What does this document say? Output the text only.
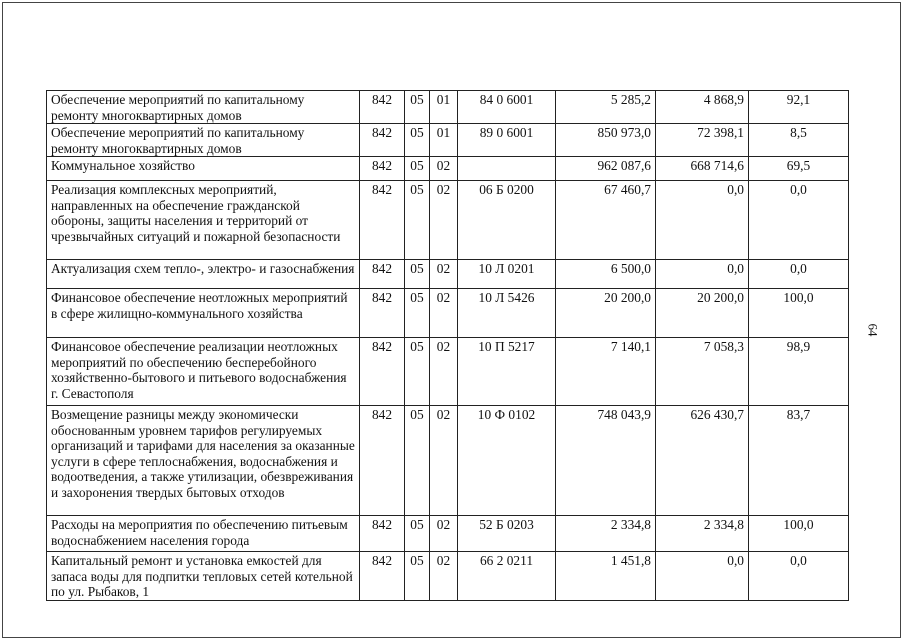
Обеспечение мероприятий по капитальному ремонту многоквартирных домов	842	05	01	84 0 6001	5 285,2	4 868,9	92,1
Обеспечение мероприятий по капитальному ремонту многоквартирных домов	842	05	01	89 0 6001	850 973,0	72 398,1	8,5
Коммунальное хозяйство	842	05	02		962 087,6	668 714,6	69,5
Реализация комплексных мероприятий, направленных на обеспечение гражданской обороны, защиты населения и территорий от чрезвычайных ситуаций и пожарной безопасности	842	05	02	06 Б 0200	67 460,7	0,0	0,0
Актуализация схем тепло-, электро- и газоснабжения	842	05	02	10 Л 0201	6 500,0	0,0	0,0
Финансовое обеспечение неотложных мероприятий в сфере жилищно-коммунального хозяйства	842	05	02	10 Л 5426	20 200,0	20 200,0	100,0
Финансовое обеспечение реализации неотложных мероприятий по обеспечению бесперебойного хозяйственно-бытового и питьевого водоснабжения г. Севастополя	842	05	02	10 П 5217	7 140,1	7 058,3	98,9
Возмещение разницы между экономически обоснованным уровнем тарифов регулируемых организаций и тарифами для населения за оказанные услуги в сфере теплоснабжения, водоснабжения и водоотведения, а также утилизации, обезвреживания и захоронения твердых бытовых отходов	842	05	02	10 Ф 0102	748 043,9	626 430,7	83,7
Расходы на мероприятия по обеспечению питьевым водоснабжением населения города	842	05	02	52 Б 0203	2 334,8	2 334,8	100,0
Капитальный ремонт и установка емкостей для запаса воды для подпитки тепловых сетей котельной по ул. Рыбаков, 1	842	05	02	66 2 0211	1 451,8	0,0	0,0
64
